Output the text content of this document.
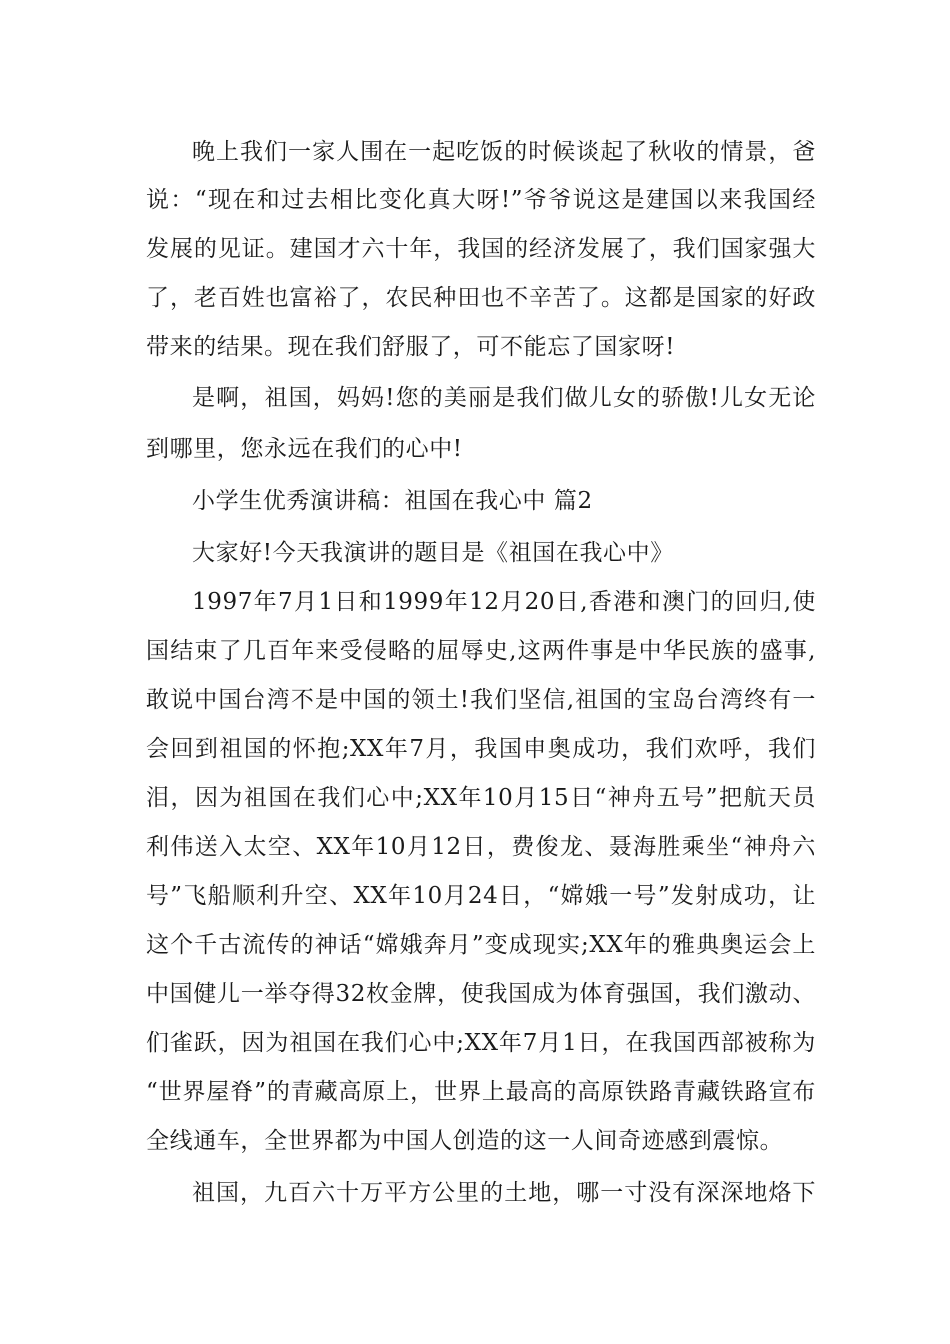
晚上我们一家人围在一起吃饭的时候谈起了秋收的情景，爸
说：“现在和过去相比变化真大呀!”爷爷说这是建国以来我国经
发展的见证。建国才六十年，我国的经济发展了，我们国家强大
了，老百姓也富裕了，农民种田也不辛苦了。这都是国家的好政
带来的结果。现在我们舒服了，可不能忘了国家呀!
是啊，祖国，妈妈!您的美丽是我们做儿女的骄傲!儿女无论
到哪里，您永远在我们的心中!
小学生优秀演讲稿：祖国在我心中 篇2
大家好!今天我演讲的题目是《祖国在我心中》
1997年7月1日和1999年12月20日,香港和澳门的回归,使
国结束了几百年来受侵略的屈辱史,这两件事是中华民族的盛事,
敢说中国台湾不是中国的领土!我们坚信,祖国的宝岛台湾终有一
会回到祖国的怀抱;XX年7月，我国申奥成功，我们欢呼，我们
泪，因为祖国在我们心中;XX年10月15日“神舟五号”把航天员
利伟送入太空、XX年10月12日，费俊龙、聂海胜乘坐“神舟六
号”飞船顺利升空、XX年10月24日，“嫦娥一号”发射成功，让
这个千古流传的神话“嫦娥奔月”变成现实;XX年的雅典奥运会上
中国健儿一举夺得32枚金牌，使我国成为体育强国，我们激动、
们雀跃，因为祖国在我们心中;XX年7月1日，在我国西部被称为
“世界屋脊”的青藏高原上，世界上最高的高原铁路青藏铁路宣布
全线通车，全世界都为中国人创造的这一人间奇迹感到震惊。
祖国，九百六十万平方公里的土地，哪一寸没有深深地烙下
